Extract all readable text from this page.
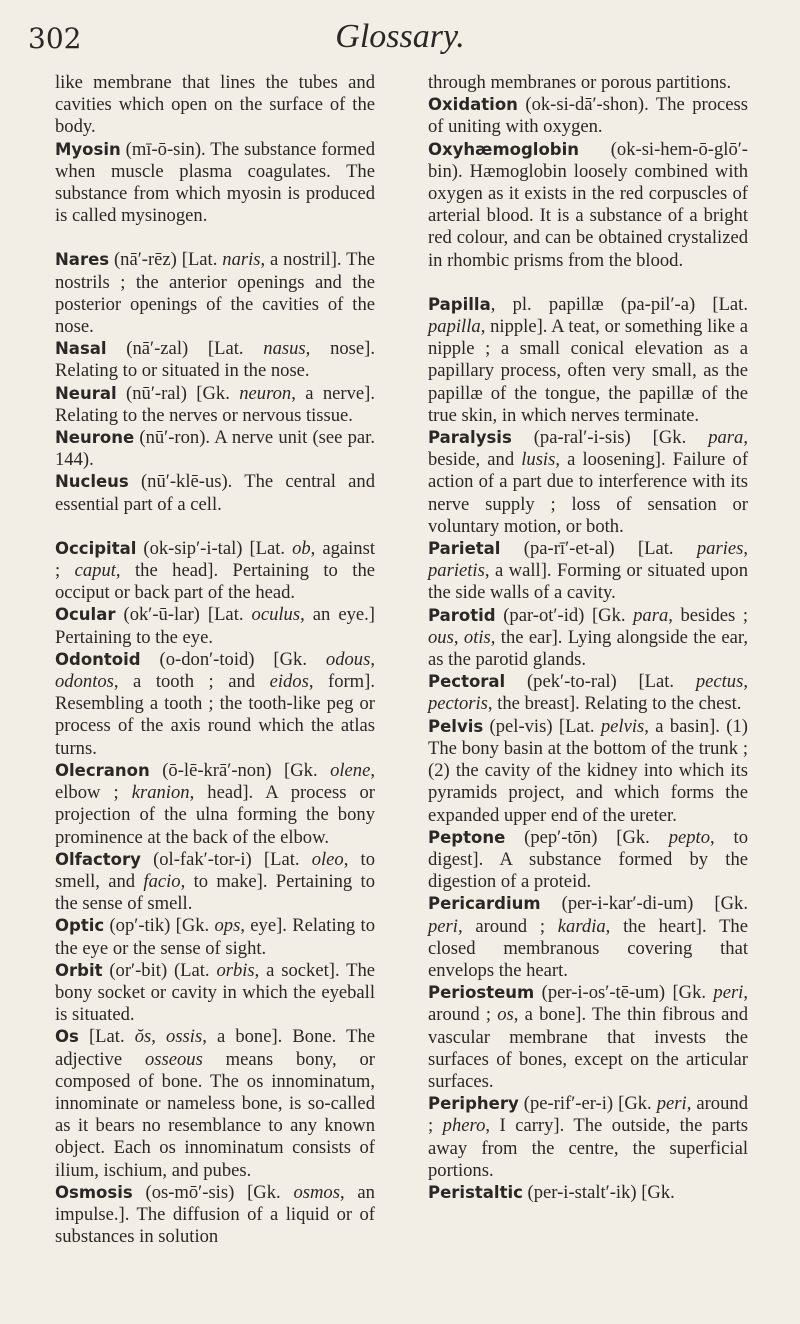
302	Glossary.

like membrane that lines the tubes and cavities which open on the surface of the body.

Myosin (mī-ō-sin). The substance formed when muscle plasma coagulates. The substance from which myosin is produced is called mysinogen.

Nares (nā′-rēz) [Lat. naris, a nostril]. The nostrils ; the anterior openings and the posterior openings of the cavities of the nose.

Nasal (nā′-zal) [Lat. nasus, nose]. Relating to or situated in the nose.

Neural (nū′-ral) [Gk. neuron, a nerve]. Relating to the nerves or nervous tissue.

Neurone (nū′-ron). A nerve unit (see par. 144).

Nucleus (nū′-klē-us). The central and essential part of a cell.

Occipital (ok-sip′-i-tal) [Lat. ob, against ; caput, the head]. Pertaining to the occiput or back part of the head.

Ocular (ok′-ū-lar) [Lat. oculus, an eye.] Pertaining to the eye.

Odontoid (o-don′-toid) [Gk. odous, odontos, a tooth ; and eidos, form]. Resembling a tooth ; the tooth-like peg or process of the axis round which the atlas turns.

Olecranon (ō-lē-krā′-non) [Gk. olene, elbow ; kranion, head]. A process or projection of the ulna forming the bony prominence at the back of the elbow.

Olfactory (ol-fak′-tor-i) [Lat. oleo, to smell, and facio, to make]. Pertaining to the sense of smell.

Optic (op′-tik) [Gk. ops, eye]. Relating to the eye or the sense of sight.

Orbit (or′-bit) (Lat. orbis, a socket]. The bony socket or cavity in which the eyeball is situated.

Os [Lat. ŏs, ossis, a bone]. Bone. The adjective osseous means bony, or composed of bone. The os innominatum, innominate or nameless bone, is so-called as it bears no resemblance to any known object. Each os innominatum consists of ilium, ischium, and pubes.

Osmosis (os-mō′-sis) [Gk. osmos, an impulse.]. The diffusion of a liquid or of substances in solution

through membranes or porous partitions.

Oxidation (ok-si-dā′-shon). The process of uniting with oxygen.

Oxyhæmoglobin (ok-si-hem-ō-glō′-bin). Hæmoglobin loosely combined with oxygen as it exists in the red corpuscles of arterial blood. It is a substance of a bright red colour, and can be obtained crystalized in rhombic prisms from the blood.

Papilla, pl. papillæ (pa-pil′-a) [Lat. papilla, nipple]. A teat, or something like a nipple ; a small conical elevation as a papillary process, often very small, as the papillæ of the tongue, the papillæ of the true skin, in which nerves terminate.

Paralysis (pa-ral′-i-sis) [Gk. para, beside, and lusis, a loosening]. Failure of action of a part due to interference with its nerve supply ; loss of sensation or voluntary motion, or both.

Parietal (pa-rī′-et-al) [Lat. paries, parietis, a wall]. Forming or situated upon the side walls of a cavity.

Parotid (par-ot′-id) [Gk. para, besides ; ous, otis, the ear]. Lying alongside the ear, as the parotid glands.

Pectoral (pek′-to-ral) [Lat. pectus, pectoris, the breast]. Relating to the chest.

Pelvis (pel-vis) [Lat. pelvis, a basin]. (1) The bony basin at the bottom of the trunk ; (2) the cavity of the kidney into which its pyramids project, and which forms the expanded upper end of the ureter.

Peptone (pep′-tōn) [Gk. pepto, to digest]. A substance formed by the digestion of a proteid.

Pericardium (per-i-kar′-di-um) [Gk. peri, around ; kardia, the heart]. The closed membranous covering that envelops the heart.

Periosteum (per-i-os′-tē-um) [Gk. peri, around ; os, a bone]. The thin fibrous and vascular membrane that invests the surfaces of bones, except on the articular surfaces.

Periphery (pe-rif′-er-i) [Gk. peri, around ; phero, I carry]. The outside, the parts away from the centre, the superficial portions.

Peristaltic (per-i-stalt′-ik) [Gk.
